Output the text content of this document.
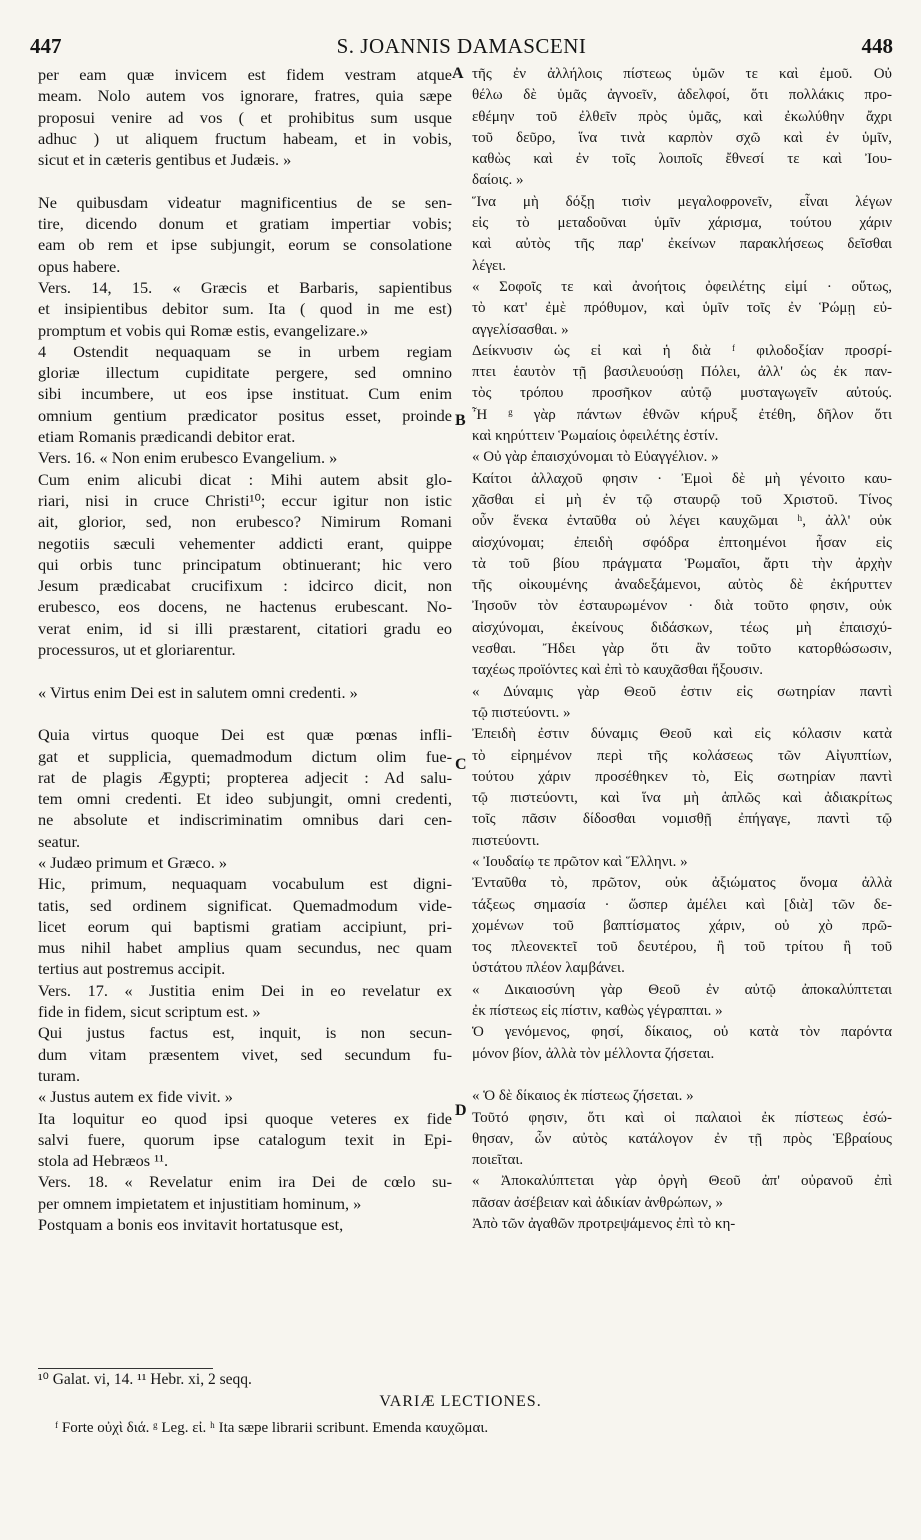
447	S. JOANNIS DAMASCENI	448
per eam quæ invicem est fidem vestram atque
meam. Nolo autem vos ignorare, fratres, quia sæpe
proposui venire ad vos ( et prohibitus sum usque
adhuc ) ut aliquem fructum habeam, et in vobis,
sicut et in cæteris gentibus et Judæis. »
Ne quibusdam videatur magnificentius de se sen-
tire, dicendo donum et gratiam impertiar vobis;
eam ob rem et ipse subjungit, eorum se consolatione
opus habere.
Vers. 14, 15. « Græcis et Barbaris, sapientibus
et insipientibus debitor sum. Ita ( quod in me est)
promptum et vobis qui Romæ estis, evangelizare.»
4 Ostendit nequaquam se in urbem regiam
gloriæ illectum cupiditate pergere, sed omnino
sibi incumbere, ut eos ipse instituat. Cum enim
omnium gentium prædicator positus esset, proinde
etiam Romanis prædicandi debitor erat.
Vers. 16. « Non enim erubesco Evangelium. »
Cum enim alicubi dicat : Mihi autem absit glo-
riari, nisi in cruce Christi¹⁰; eccur igitur non istic
ait, glorior, sed, non erubesco? Nimirum Romani
negotiis sæculi vehementer addicti erant, quippe
qui orbis tunc principatum obtinuerant; hic vero
Jesum prædicabat crucifixum : idcirco dicit, non
erubesco, eos docens, ne hactenus erubescant. No-
verat enim, id si illi præstarent, citatiori gradu eo
processuros, ut et gloriarentur.
« Virtus enim Dei est in salutem omni credenti. »
Quia virtus quoque Dei est quæ pœnas infli-
gat et supplicia, quemadmodum dictum olim fue-
rat de plagis Ægypti; propterea adjecit : Ad salu-
tem omni credenti. Et ideo subjungit, omni credenti,
ne absolute et indiscriminatim omnibus dari cen-
seatur.
« Judæo primum et Græco. »
Hic, primum, nequaquam vocabulum est digni-
tatis, sed ordinem significat. Quemadmodum vide-
licet eorum qui baptismi gratiam accipiunt, pri-
mus nihil habet amplius quam secundus, nec quam
tertius aut postremus accipit.
Vers. 17. « Justitia enim Dei in eo revelatur ex
fide in fidem, sicut scriptum est. »
Qui justus factus est, inquit, is non secun-
dum vitam præsentem vivet, sed secundum fu-
turam.
« Justus autem ex fide vivit. »
Ita loquitur eo quod ipsi quoque veteres ex fide
salvi fuere, quorum ipse catalogum texit in Epi-
stola ad Hebræos ¹¹.
Vers. 18. « Revelatur enim ira Dei de cœlo su-
per omnem impietatem et injustitiam hominum, »
Postquam a bonis eos invitavit hortatusque est,
τῆς ἐν ἀλλήλοις πίστεως ὑμῶν τε καὶ ἐμοῦ. Οὐ
θέλω δὲ ὑμᾶς ἀγνοεῖν, ἀδελφοί, ὅτι πολλάκις προ-
εθέμην τοῦ ἐλθεῖν πρὸς ὑμᾶς, καὶ ἐκωλύθην ἄχρι
τοῦ δεῦρο, ἵνα τινὰ καρπὸν σχῶ καὶ ἐν ὑμῖν,
καθὼς καὶ ἐν τοῖς λοιποῖς ἔθνεσί τε καὶ Ἰου-
δαίοις. »
Ἵνα μὴ δόξῃ τισὶν μεγαλοφρονεῖν, εἶναι λέγων
εἰς τὸ μεταδοῦναι ὑμῖν χάρισμα, τούτου χάριν
καὶ αὐτὸς τῆς παρ' ἐκείνων παρακλήσεως δεῖσθαι
λέγει.
« Σοφοῖς τε καὶ ἀνοήτοις ὀφειλέτης εἰμί · οὕτως,
τὸ κατ' ἐμὲ πρόθυμον, καὶ ὑμῖν τοῖς ἐν Ῥώμῃ εὐ-
αγγελίσασθαι. »
Δείκνυσιν ὡς εἰ καὶ ἡ διὰ ᶠ φιλοδοξίαν προσρί-
πτει ἑαυτὸν τῇ βασιλευούσῃ Πόλει, ἀλλ' ὡς ἐκ παν-
τὸς τρόπου προσῆκον αὐτῷ μυσταγωγεῖν αὐτούς.
Ἦ ᵍ γὰρ πάντων ἐθνῶν κήρυξ ἐτέθη, δῆλον ὅτι
καὶ κηρύττειν Ῥωμαίοις ὀφειλέτης ἐστίν.
« Οὐ γὰρ ἐπαισχύνομαι τὸ Εὐαγγέλιον. »
Καίτοι ἀλλαχοῦ φησιν · Ἐμοὶ δὲ μὴ γένοιτο καυ-
χᾶσθαι εἰ μὴ ἐν τῷ σταυρῷ τοῦ Χριστοῦ. Τίνος
οὖν ἕνεκα ἐνταῦθα οὐ λέγει καυχῶμαι ʰ, ἀλλ' οὐκ
αἰσχύνομαι; ἐπειδὴ σφόδρα ἐπτοημένοι ἦσαν εἰς
τὰ τοῦ βίου πράγματα Ῥωμαῖοι, ἄρτι τὴν ἀρχὴν
τῆς οἰκουμένης ἀναδεξάμενοι, αὐτὸς δὲ ἐκήρυττεν
Ἰησοῦν τὸν ἐσταυρωμένον · διὰ τοῦτο φησιν, οὐκ
αἰσχύνομαι, ἐκείνους διδάσκων, τέως μὴ ἐπαισχύ-
νεσθαι. Ἤδει γὰρ ὅτι ἂν τοῦτο κατορθώσωσιν,
ταχέως προϊόντες καὶ ἐπὶ τὸ καυχᾶσθαι ἥξουσιν.
« Δύναμις γὰρ Θεοῦ ἐστιν εἰς σωτηρίαν παντὶ
τῷ πιστεύοντι. »
Ἐπειδὴ ἐστιν δύναμις Θεοῦ καὶ εἰς κόλασιν κατὰ
τὸ εἰρημένον περὶ τῆς κολάσεως τῶν Αἰγυπτίων,
τούτου χάριν προσέθηκεν τὸ, Εἰς σωτηρίαν παντὶ
τῷ πιστεύοντι, καὶ ἵνα μὴ ἁπλῶς καὶ ἀδιακρίτως
τοῖς πᾶσιν δίδοσθαι νομισθῇ ἐπήγαγε, παντὶ τῷ
πιστεύοντι.
« Ἰουδαίῳ τε πρῶτον καὶ Ἕλληνι. »
Ἐνταῦθα τὸ, πρῶτον, οὐκ ἀξιώματος ὄνομα ἀλλὰ
τάξεως σημασία · ὥσπερ ἀμέλει καὶ [διὰ] τῶν δε-
χομένων τοῦ βαπτίσματος χάριν, οὐ χὸ πρῶ-
τος πλεονεκτεῖ τοῦ δευτέρου, ἢ τοῦ τρίτου ἢ τοῦ
ὑστάτου πλέον λαμβάνει.
« Δικαιοσύνη γὰρ Θεοῦ ἐν αὐτῷ ἀποκαλύπτεται
ἐκ πίστεως εἰς πίστιν, καθὼς γέγραπται. »
Ὁ γενόμενος, φησί, δίκαιος, οὐ κατὰ τὸν παρόντα
μόνον βίον, ἀλλὰ τὸν μέλλοντα ζήσεται.
« Ὁ δὲ δίκαιος ἐκ πίστεως ζήσεται. »
Τοῦτό φησιν, ὅτι καὶ οἱ παλαιοὶ ἐκ πίστεως ἐσώ-
θησαν, ὧν αὐτὸς κατάλογον ἐν τῇ πρὸς Ἑβραίους
ποιεῖται.
« Ἀποκαλύπτεται γὰρ ὀργὴ Θεοῦ ἀπ' οὐρανοῦ ἐπὶ
πᾶσαν ἀσέβειαν καὶ ἀδικίαν ἀνθρώπων, »
Ἀπὸ τῶν ἀγαθῶν προτρεψάμενος ἐπὶ τὸ κη-
A
B
C
D
¹⁰ Galat. vi, 14. ¹¹ Hebr. xi, 2 seqq.
VARIÆ LECTIONES.
ᶠ Forte οὐχὶ διά. ᵍ Leg. εἰ. ʰ Ita sæpe librarii scribunt. Emenda καυχῶμαι.
